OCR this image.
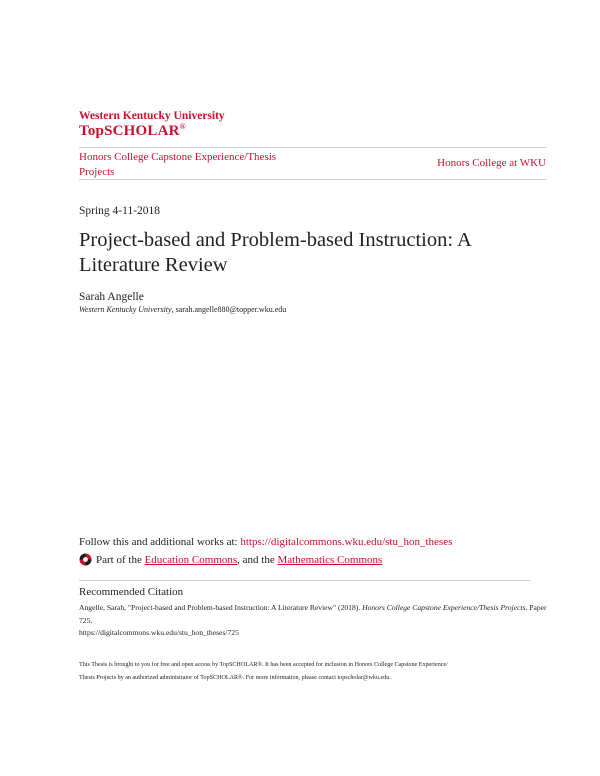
Western Kentucky University
TopSCHOLAR®
Honors College Capstone Experience/Thesis Projects
Honors College at WKU
Spring 4-11-2018
Project-based and Problem-based Instruction: A Literature Review
Sarah Angelle
Western Kentucky University, sarah.angelle880@topper.wku.edu
Follow this and additional works at: https://digitalcommons.wku.edu/stu_hon_theses
Part of the
Education Commons , and the
Mathematics Commons
Recommended Citation
Angelle, Sarah, "Project-based and Problem-based Instruction: A Literature Review" (2018). Honors College Capstone Experience/Thesis Projects. Paper 725.
https://digitalcommons.wku.edu/stu_hon_theses/725
This Thesis is brought to you for free and open access by TopSCHOLAR®. It has been accepted for inclusion in Honors College Capstone Experience/
Thesis Projects by an authorized administrator of TopSCHOLAR®. For more information, please contact topscholar@wku.edu.
